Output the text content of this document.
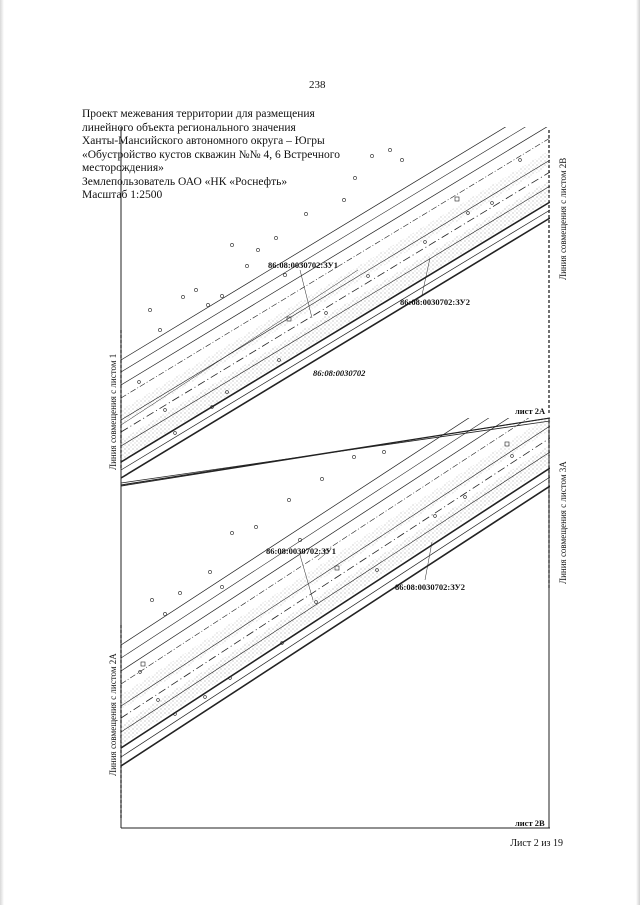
238
Проект межевания территории для размещения
линейного объекта регионального значения
Ханты-Мансийского автономного округа – Югры
«Обустройство кустов скважин №№ 4, 6 Встречного
месторождения»
Землепользователь ОАО «НК «Роснефть»
Масштаб 1:2500
Линия совмещения с листом 1
Линия совмещения с листом 2В
Линия совмещения с листом 2А
Линия совмещения с листом 3А
86:08:0030702:ЗУ1
86:08:0030702:ЗУ2
86:08:0030702
лист 2А
86:08:0030702:ЗУ1
86:08:0030702:ЗУ2
лист 2В
Лист 2 из 19
